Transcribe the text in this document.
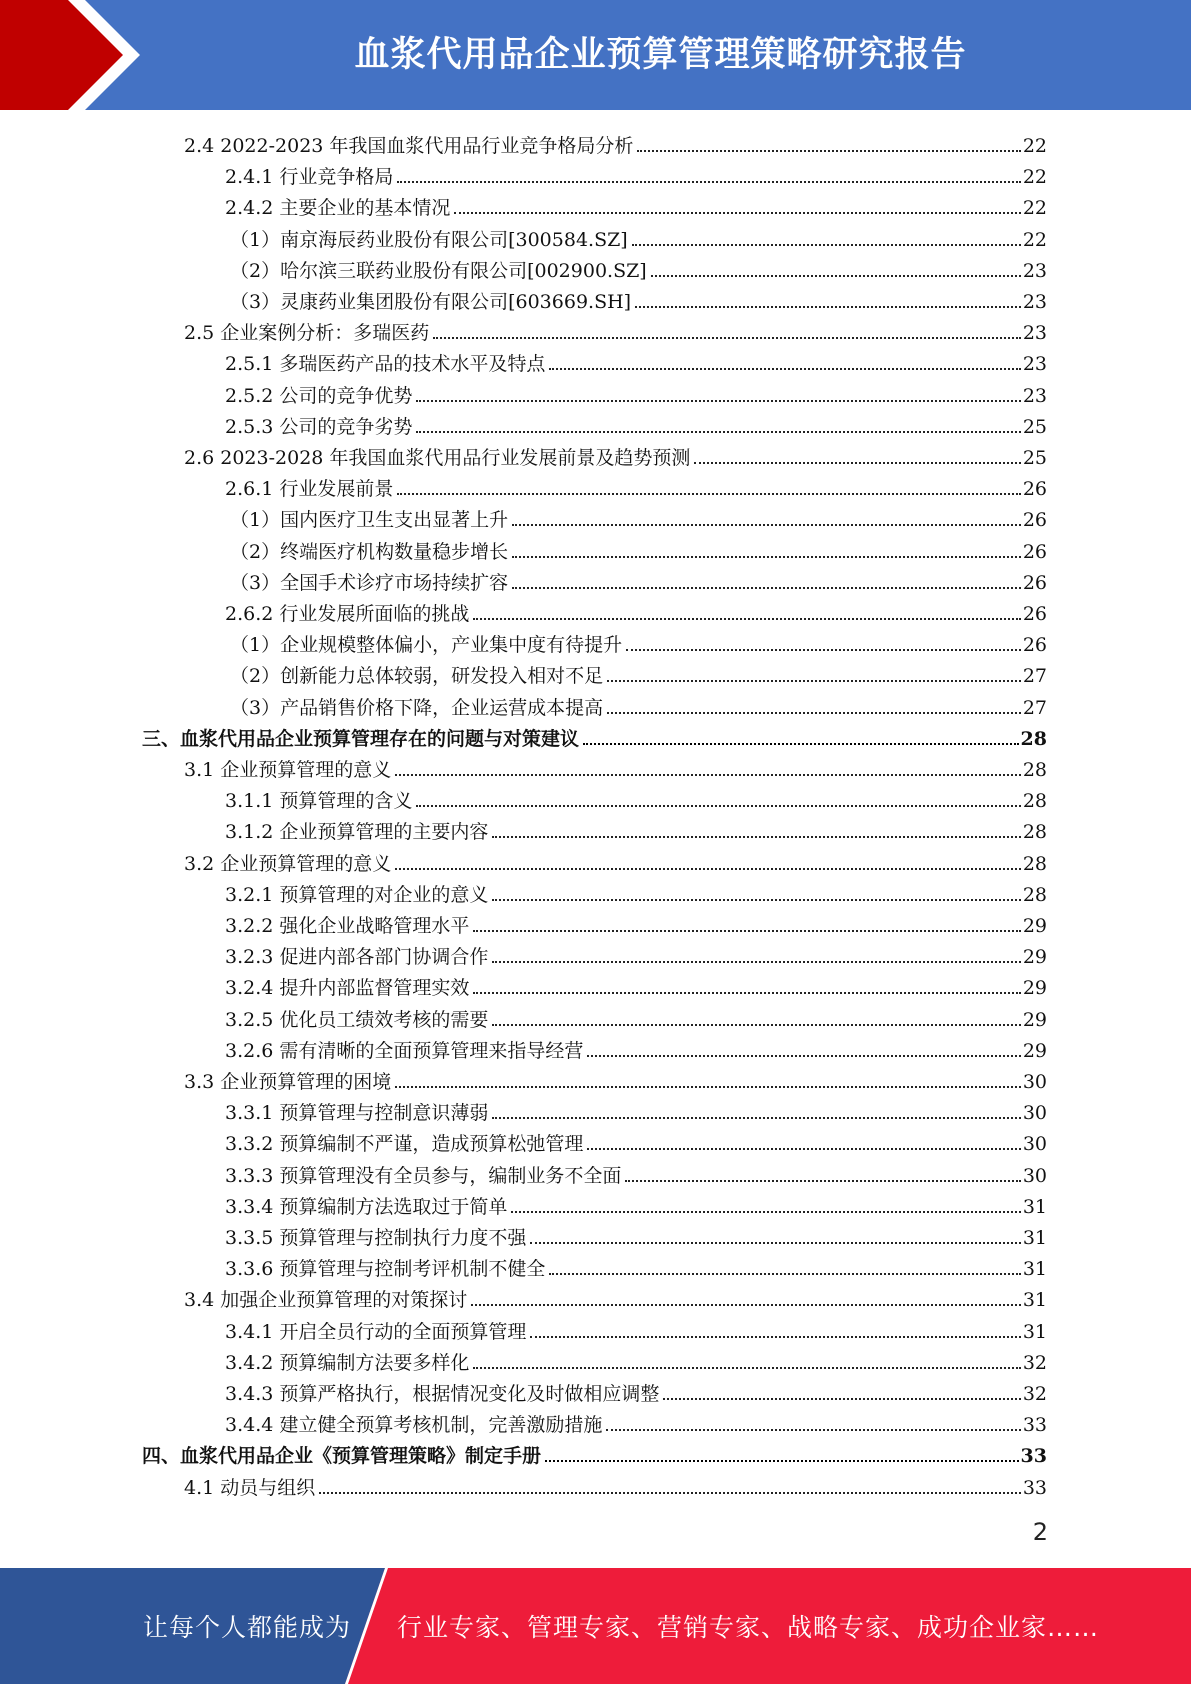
血浆代用品企业预算管理策略研究报告
2.4 2022-2023 年我国血浆代用品行业竞争格局分析	22
2.4.1 行业竞争格局	22
2.4.2 主要企业的基本情况	22
（1）南京海辰药业股份有限公司[300584.SZ]	22
（2）哈尔滨三联药业股份有限公司[002900.SZ]	23
（3）灵康药业集团股份有限公司[603669.SH]	23
2.5 企业案例分析：多瑞医药	23
2.5.1 多瑞医药产品的技术水平及特点	23
2.5.2 公司的竞争优势	23
2.5.3 公司的竞争劣势	25
2.6 2023-2028 年我国血浆代用品行业发展前景及趋势预测	25
2.6.1 行业发展前景	26
（1）国内医疗卫生支出显著上升	26
（2）终端医疗机构数量稳步增长	26
（3）全国手术诊疗市场持续扩容	26
2.6.2 行业发展所面临的挑战	26
（1）企业规模整体偏小，产业集中度有待提升	26
（2）创新能力总体较弱，研发投入相对不足	27
（3）产品销售价格下降，企业运营成本提高	27
三、血浆代用品企业预算管理存在的问题与对策建议	28
3.1 企业预算管理的意义	28
3.1.1 预算管理的含义	28
3.1.2 企业预算管理的主要内容	28
3.2 企业预算管理的意义	28
3.2.1 预算管理的对企业的意义	28
3.2.2 强化企业战略管理水平	29
3.2.3 促进内部各部门协调合作	29
3.2.4 提升内部监督管理实效	29
3.2.5 优化员工绩效考核的需要	29
3.2.6 需有清晰的全面预算管理来指导经营	29
3.3 企业预算管理的困境	30
3.3.1 预算管理与控制意识薄弱	30
3.3.2 预算编制不严谨，造成预算松弛管理	30
3.3.3 预算管理没有全员参与，编制业务不全面	30
3.3.4 预算编制方法选取过于简单	31
3.3.5 预算管理与控制执行力度不强	31
3.3.6 预算管理与控制考评机制不健全	31
3.4 加强企业预算管理的对策探讨	31
3.4.1 开启全员行动的全面预算管理	31
3.4.2 预算编制方法要多样化	32
3.4.3 预算严格执行，根据情况变化及时做相应调整	32
3.4.4 建立健全预算考核机制，完善激励措施	33
四、血浆代用品企业《预算管理策略》制定手册	33
4.1 动员与组织	33
2
让每个人都能成为 行业专家、管理专家、营销专家、战略专家、成功企业家……
